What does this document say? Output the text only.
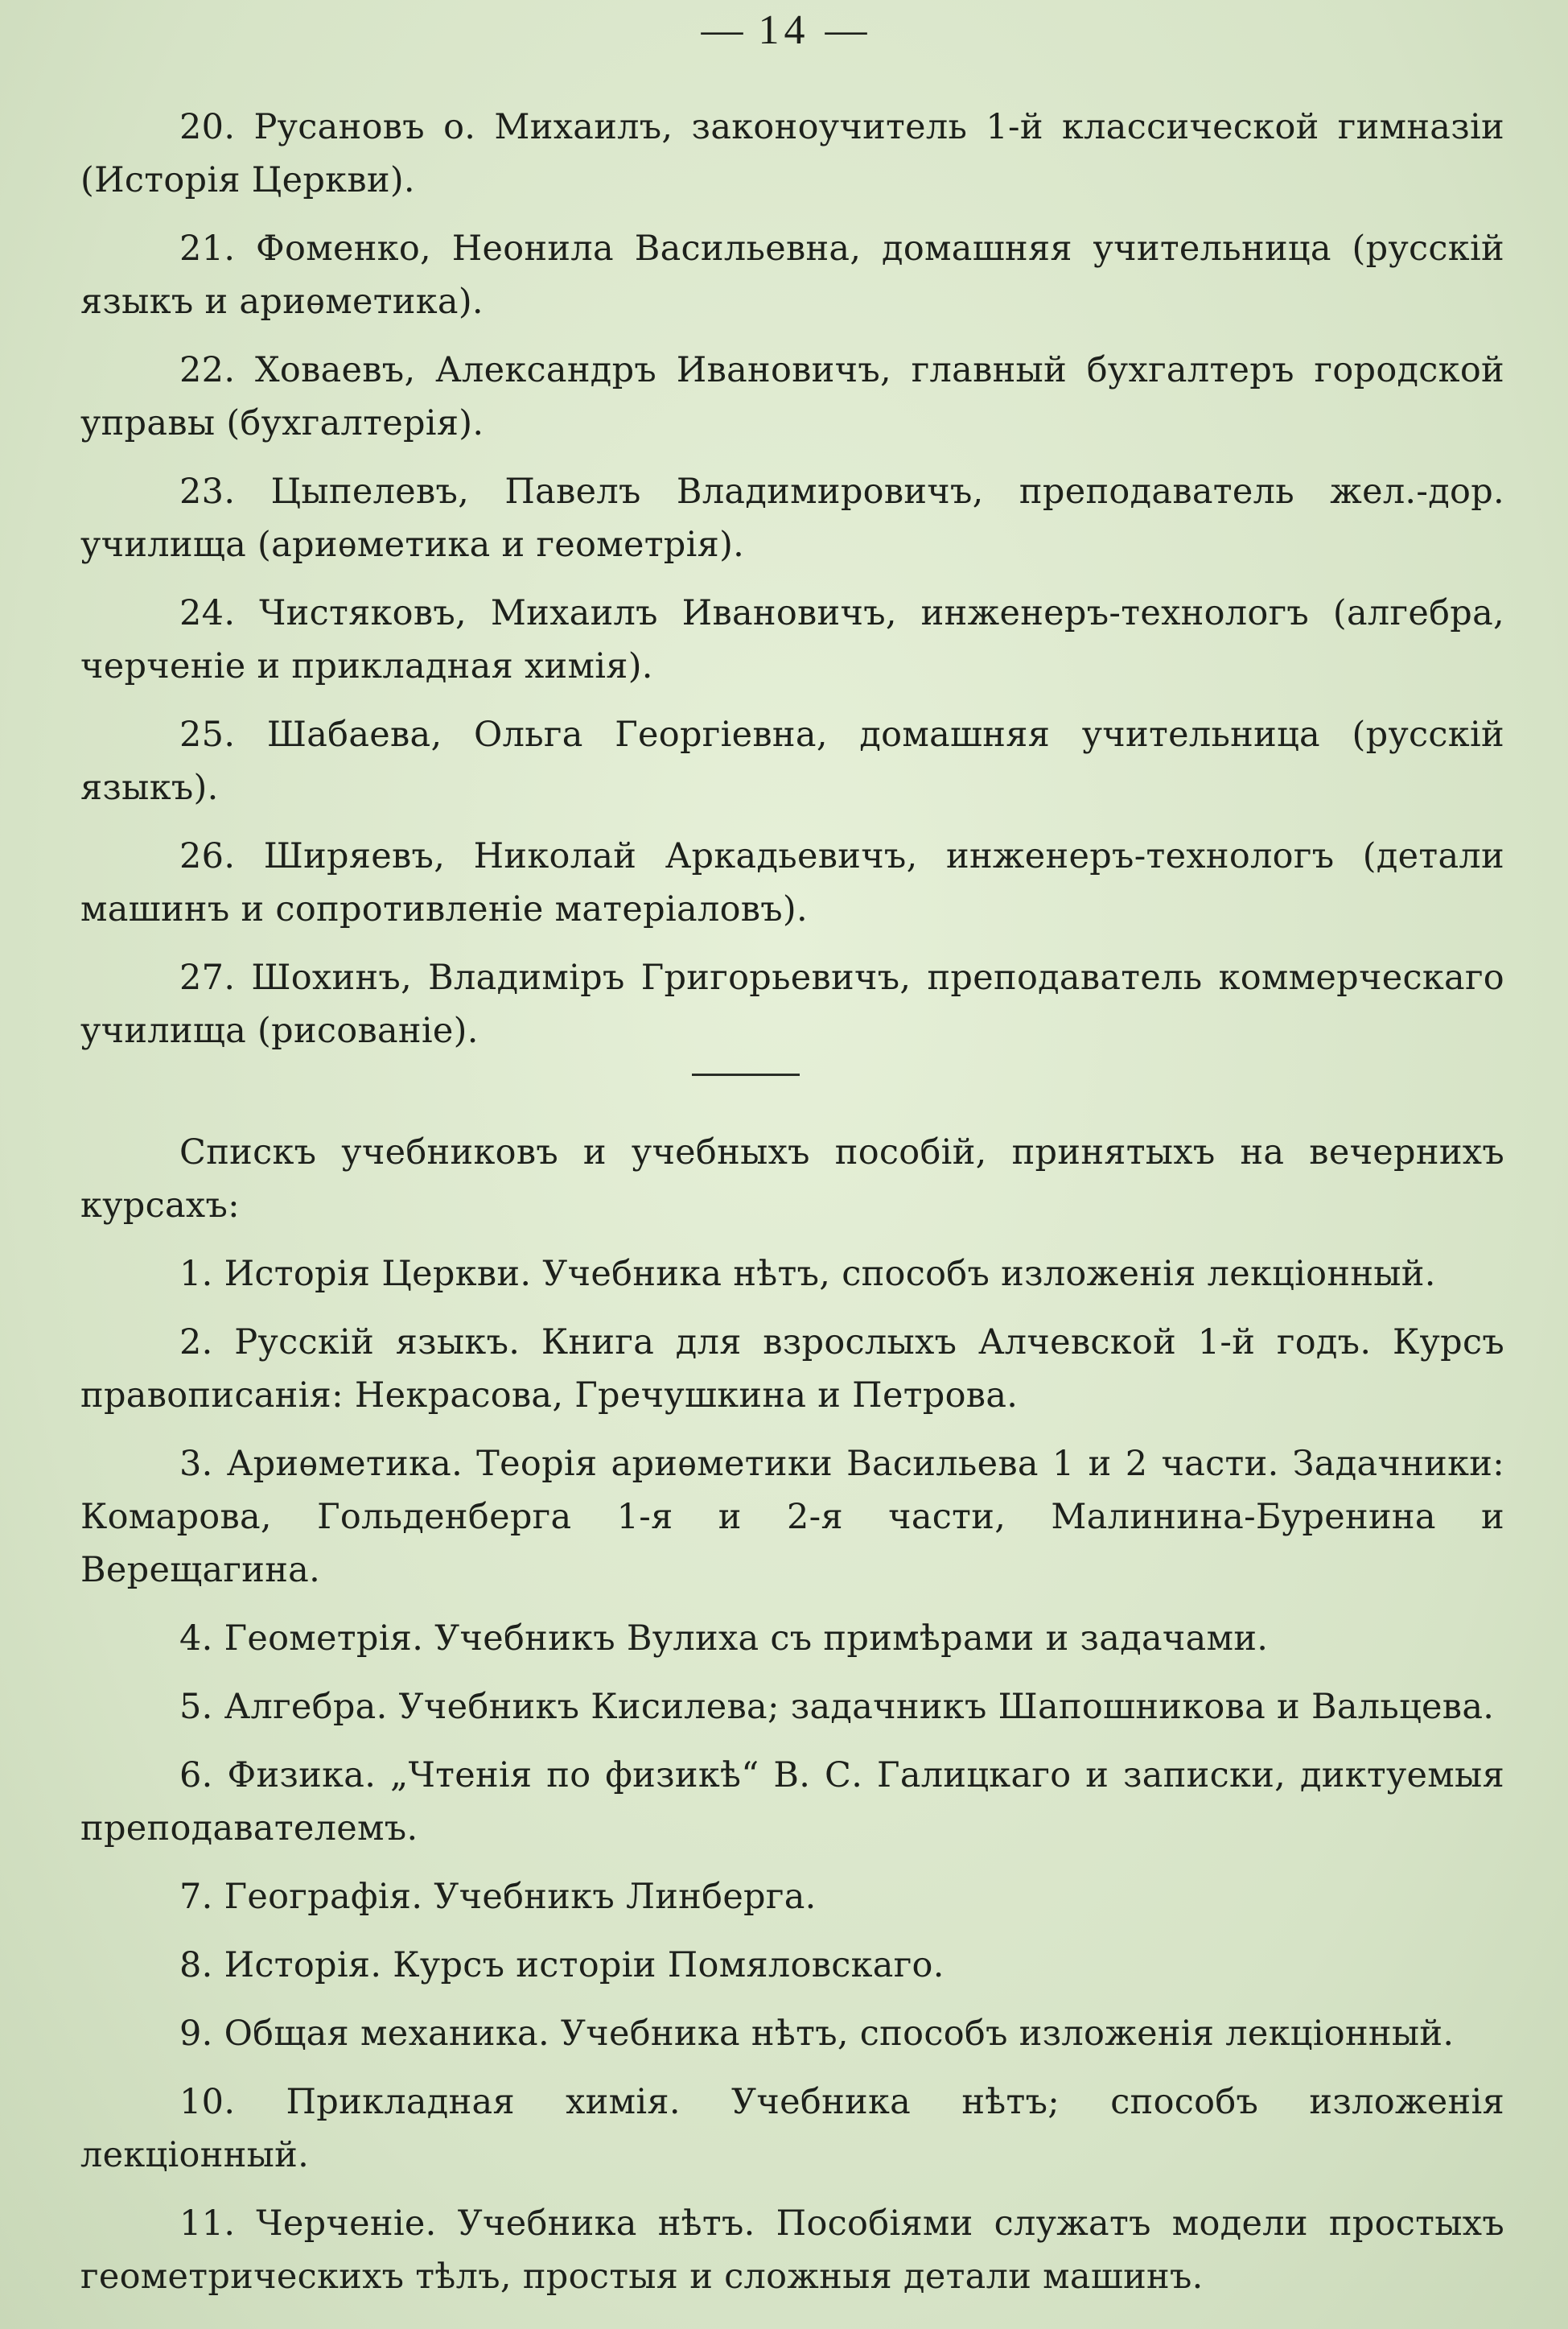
— 14 —

20. Русановъ о. Михаилъ, законоучитель 1-й классической гимназіи (Исторія Церкви).

21. Фоменко, Неонила Васильевна, домашняя учительница (русскій языкъ и ариѳметика).

22. Ховаевъ, Александръ Ивановичъ, главный бухгалтеръ городской управы (бухгалтерія).

23. Цыпелевъ, Павелъ Владимировичъ, преподаватель жел.-дор. училища (ариѳметика и геометрія).

24. Чистяковъ, Михаилъ Ивановичъ, инженеръ-технологъ (алгебра, черченіе и прикладная химія).

25. Шабаева, Ольга Георгіевна, домашняя учительница (русскій языкъ).

26. Ширяевъ, Николай Аркадьевичъ, инженеръ-технологъ (детали машинъ и сопротивленіе матеріаловъ).

27. Шохинъ, Владиміръ Григорьевичъ, преподаватель коммерческаго училища (рисованіе).

Спискъ учебниковъ и учебныхъ пособій, принятыхъ на вечернихъ курсахъ:

1. Исторія Церкви. Учебника нѣтъ, способъ изложенія лекціонный.

2. Русскій языкъ. Книга для взрослыхъ Алчевской 1-й годъ. Курсъ правописанія: Некрасова, Гречушкина и Петрова.

3. Ариѳметика. Теорія ариѳметики Васильева 1 и 2 части. Задачники: Комарова, Гольденберга 1-я и 2-я части, Малинина-Буренина и Верещагина.

4. Геометрія. Учебникъ Вулиха съ примѣрами и задачами.

5. Алгебра. Учебникъ Кисилева; задачникъ Шапошникова и Вальцева.

6. Физика. „Чтенія по физикѣ“ В. С. Галицкаго и записки, диктуемыя преподавателемъ.

7. Географія. Учебникъ Линберга.

8. Исторія. Курсъ исторіи Помяловскаго.

9. Общая механика. Учебника нѣтъ, способъ изложенія лекціонный.

10. Прикладная химія. Учебника нѣтъ; способъ изложенія лекціонный.

11. Черченіе. Учебника нѣтъ. Пособіями служатъ модели простыхъ геометрическихъ тѣлъ, простыя и сложныя детали машинъ.
